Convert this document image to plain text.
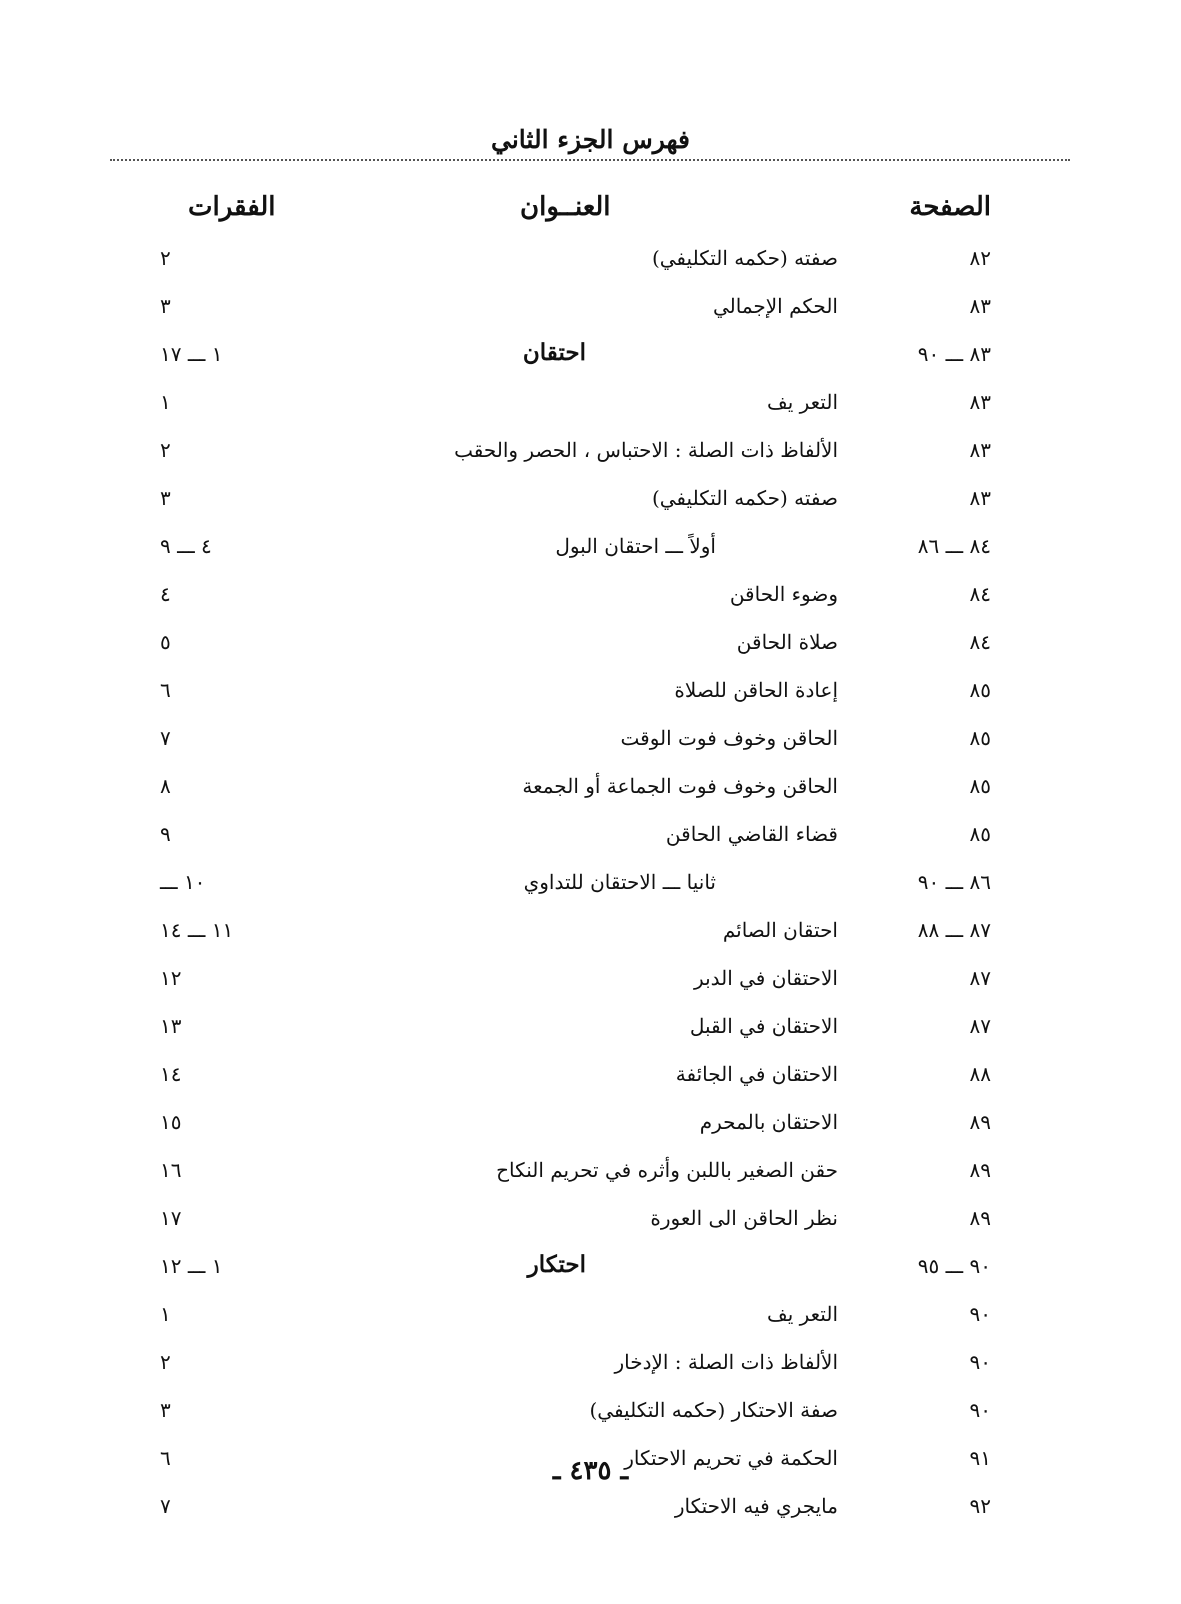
فهرس الجزء الثاني
الصفحة
العنــوان
الفقرات
٨٢
صفته (حكمه التكليفي)
٢
٨٣
الحكم الإجمالي
٣
٨٣ ـــ ٩٠
احتقان
١ ـــ ١٧
٨٣
التعر يف
١
٨٣
الألفاظ ذات الصلة : الاحتباس ، الحصر والحقب
٢
٨٣
صفته (حكمه التكليفي)
٣
٨٤ ـــ ٨٦
أولاً ـــ احتقان البول
٤ ـــ ٩
٨٤
وضوء الحاقن
٤
٨٤
صلاة الحاقن
٥
٨٥
إعادة الحاقن للصلاة
٦
٨٥
الحاقن وخوف فوت الوقت
٧
٨٥
الحاقن وخوف فوت الجماعة أو الجمعة
٨
٨٥
قضاء القاضي الحاقن
٩
٨٦ ـــ ٩٠
ثانيا ـــ الاحتقان للتداوي
١٠ ـــ
٨٧ ـــ ٨٨
احتقان الصائم
١١ ـــ ١٤
٨٧
الاحتقان في الدبر
١٢
٨٧
الاحتقان في القبل
١٣
٨٨
الاحتقان في الجائفة
١٤
٨٩
الاحتقان بالمحرم
١٥
٨٩
حقن الصغير باللبن وأثره في تحريم النكاح
١٦
٨٩
نظر الحاقن الى العورة
١٧
٩٠ ـــ ٩٥
احتكار
١ ـــ ١٢
٩٠
التعر يف
١
٩٠
الألفاظ ذات الصلة : الإدخار
٢
٩٠
صفة الاحتكار (حكمه التكليفي)
٣
٩١
الحكمة في تحريم الاحتكار
٦
٩٢
مايجري فيه الاحتكار
٧
ـ ٤٣٥ ـ
